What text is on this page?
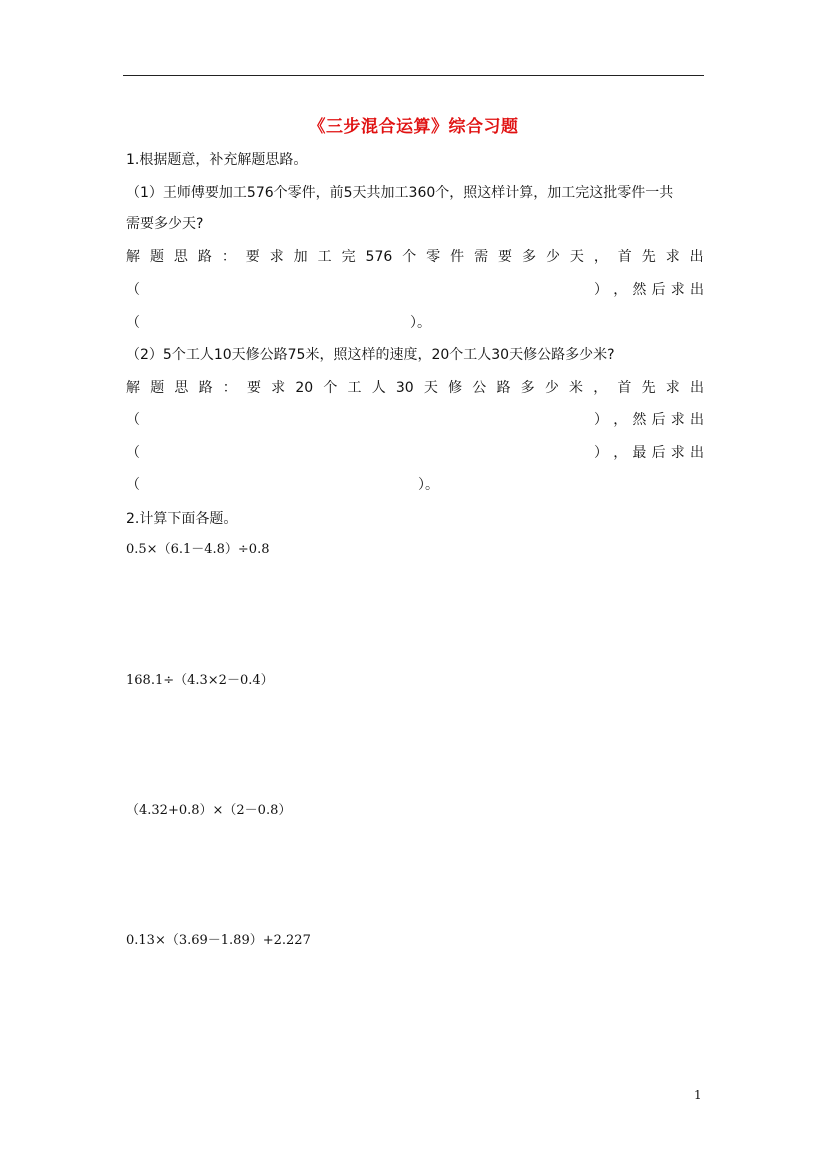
《三步混合运算》综合习题
1.根据题意，补充解题思路。
（1）王师傅要加工576个零件，前5天共加工360个，照这样计算，加工完这批零件一共
需要多少天?
解 题 思 路 ： 要 求 加 工 完 576 个 零 件 需 要 多 少 天 ， 首 先 求 出
（	） ， 然 后 求 出
（	）。
（2）5个工人10天修公路75米，照这样的速度，20个工人30天修公路多少米?
解 题 思 路 ： 要 求 20 个 工 人 30 天 修 公 路 多 少 米 ， 首 先 求 出
（	） ， 然 后 求 出
（	） ， 最 后 求 出
（	）。
2.计算下面各题。
0.5×（6.1－4.8）÷0.8
168.1÷（4.3×2－0.4）
（4.32+0.8）×（2－0.8）
0.13×（3.69－1.89）+2.227
1
